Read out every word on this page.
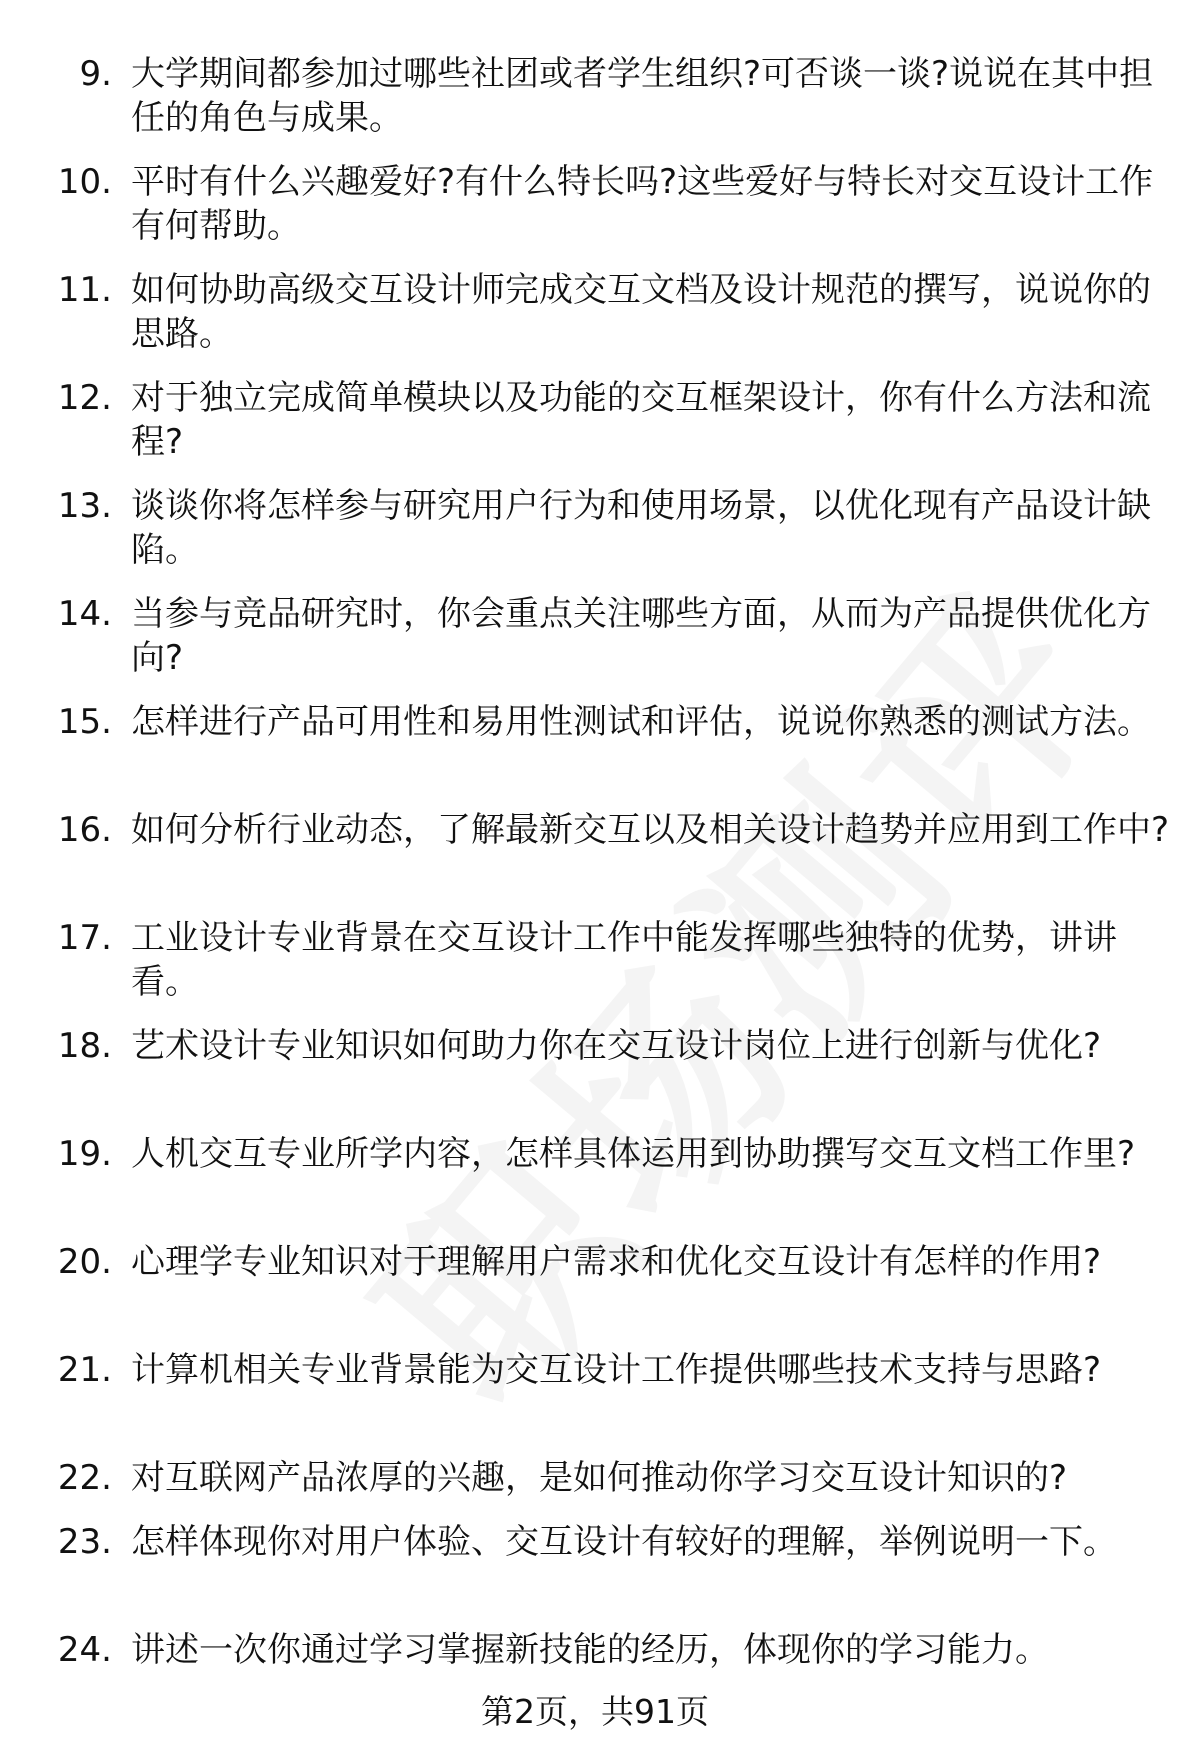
9. 大学期间都参加过哪些社团或者学生组织?可否谈一谈?说说在其中担任的角色与成果。
10. 平时有什么兴趣爱好?有什么特长吗?这些爱好与特长对交互设计工作有何帮助。
11. 如何协助高级交互设计师完成交互文档及设计规范的撰写，说说你的思路。
12. 对于独立完成简单模块以及功能的交互框架设计，你有什么方法和流程?
13. 谈谈你将怎样参与研究用户行为和使用场景，以优化现有产品设计缺陷。
14. 当参与竞品研究时，你会重点关注哪些方面，从而为产品提供优化方向?
15. 怎样进行产品可用性和易用性测试和评估，说说你熟悉的测试方法。
16. 如何分析行业动态，了解最新交互以及相关设计趋势并应用到工作中?
17. 工业设计专业背景在交互设计工作中能发挥哪些独特的优势，讲讲看。
18. 艺术设计专业知识如何助力你在交互设计岗位上进行创新与优化?
19. 人机交互专业所学内容，怎样具体运用到协助撰写交互文档工作里?
20. 心理学专业知识对于理解用户需求和优化交互设计有怎样的作用?
21. 计算机相关专业背景能为交互设计工作提供哪些技术支持与思路?
22. 对互联网产品浓厚的兴趣，是如何推动你学习交互设计知识的?
23. 怎样体现你对用户体验、交互设计有较好的理解，举例说明一下。
24. 讲述一次你通过学习掌握新技能的经历，体现你的学习能力。
第2页，共91页
